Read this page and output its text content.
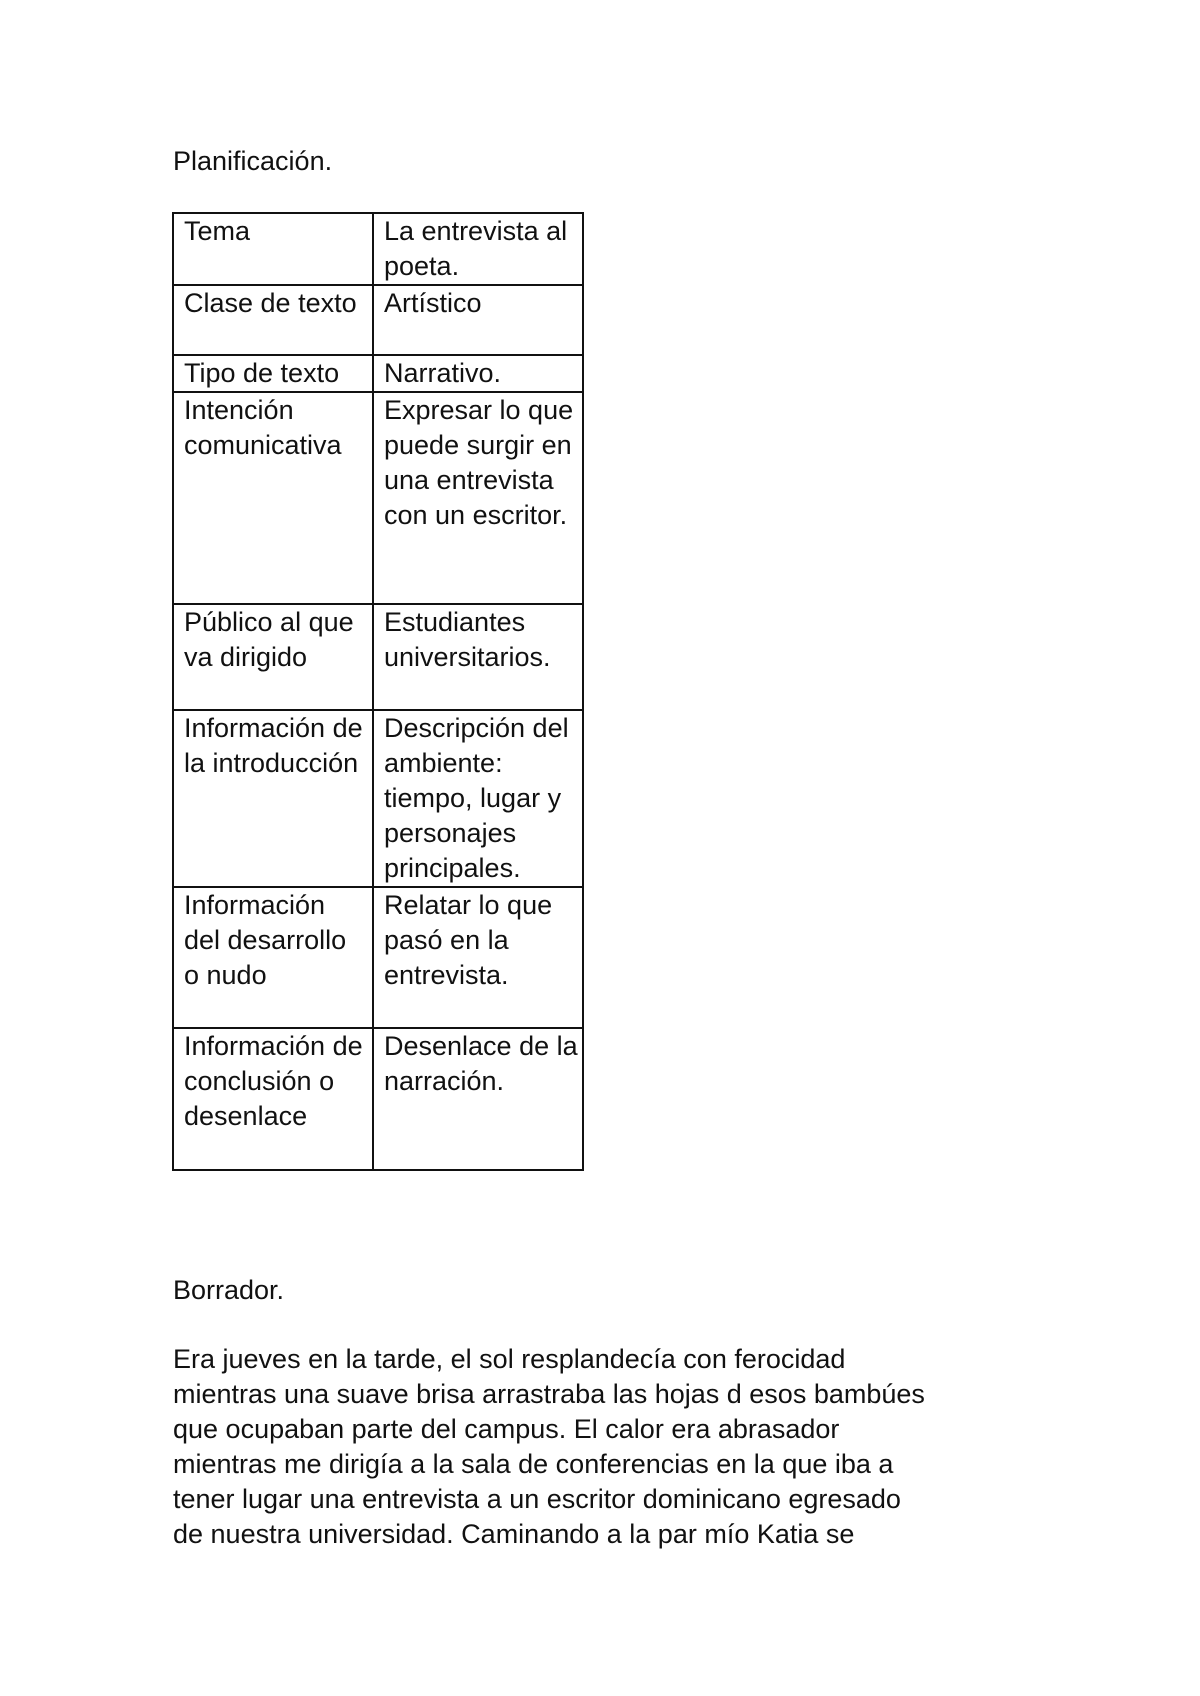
Planificación.
Tema	La entrevista al poeta.
Clase de texto	Artístico
Tipo de texto	Narrativo.
Intención comunicativa	Expresar lo que puede surgir en una entrevista con un escritor.
Público al que va dirigido	Estudiantes universitarios.
Información de la introducción	Descripción del ambiente: tiempo, lugar y personajes principales.
Información del desarrollo o nudo	Relatar lo que pasó en la entrevista.
Información de conclusión o desenlace	Desenlace de la narración.
Borrador.

Era jueves en la tarde, el sol resplandecía con ferocidad
mientras una suave brisa arrastraba las hojas d esos bambúes
que ocupaban parte del campus. El calor era abrasador
mientras me dirigía a la sala de conferencias en la que iba a
tener lugar una entrevista a un escritor dominicano egresado
de nuestra universidad. Caminando a la par mío Katia se
